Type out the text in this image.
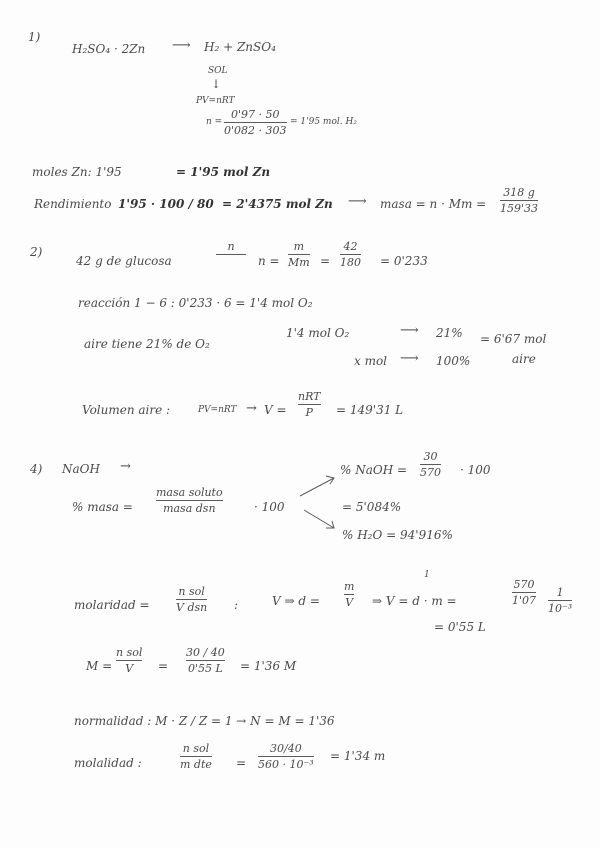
1)
H₂SO₄ · 2Zn ⟶ H₂ + ZnSO₄
SOL
↓
PV=nRT
n =
0'97 · 50
0'082 · 303
= 1'95 mol. H₂
moles Zn: 1'95	= 1'95 mol Zn
Rendimiento 1'95 · 100 / 80 = 2'4375 mol Zn ⟶ masa = n · Mm =
318 g
159'33
2)
42 g de glucosa
n
n =
m
Mm =
42
180 = 0'233
reacción 1 − 6 : 0'233 · 6 = 1'4 mol O₂
aire tiene 21% de O₂
1'4 mol O₂	⟶ 21%
x mol ⟶ 100%
= 6'67 mol
aire
Volumen aire :	PV=nRT → V =
nRT
P = 149'31 L
4) NaOH →
% masa =
masa soluto
masa dsn	· 100
% NaOH =
30
570 · 100
= 5'084%
% H₂O = 94'916%
molaridad =
n sol
V dsn :	V ⇒ d =
m
V ⇒ V = d · m =
1
570
1'07
1
10⁻³
= 0'55 L
M =
n sol
V =
30 / 40
0'55 L = 1'36 M
normalidad : M · Z / Z = 1 → N = M = 1'36
molalidad :
n sol
m dte =
30/40
560 · 10⁻³
= 1'34 m
